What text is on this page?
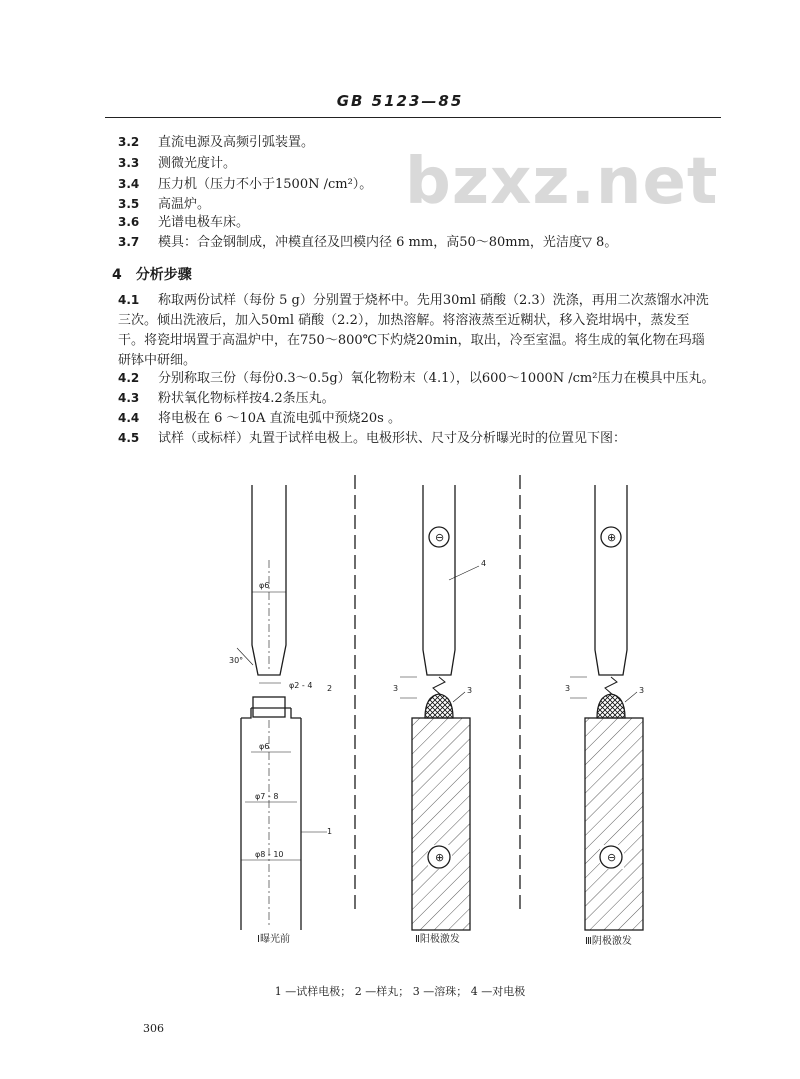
GB 5123—85
bzxz.net
3.2 直流电源及高频引弧装置。
3.3 测微光度计。
3.4 压力机（压力不小于1500N /cm²）。
3.5 高温炉。
3.6 光谱电极车床。
3.7 模具：合金钢制成，冲模直径及凹模内径 6 mm，高50～80mm，光洁度▽ 8。
4 分析步骤
4.1 称取两份试样（每份 5 g）分别置于烧杯中。先用30ml 硝酸（2.3）洗涤，再用二次蒸馏水冲洗三次。倾出洗液后，加入50ml 硝酸（2.2），加热溶解。将溶液蒸至近糊状，移入瓷坩埚中，蒸发至干。将瓷坩埚置于高温炉中，在750～800℃下灼烧20min，取出，冷至室温。将生成的氧化物在玛瑙研钵中研细。
4.2 分别称取三份（每份0.3～0.5g）氧化物粉末（4.1），以600～1000N /cm²压力在模具中压丸。
4.3 粉状氧化物标样按4.2条压丸。
4.4 将电极在 6 ～10A 直流电弧中预烧20s 。
4.5 试样（或标样）丸置于试样电极上。电极形状、尺寸及分析曝光时的位置见下图：
φ6
30°
φ2 - 4 2
φ6
φ7 - 8
φ8 - 10
1
⊖
4
3	3
⊕
⊕
3	3
⊖
Ⅰ曝光前	Ⅱ阳极激发	Ⅲ阴极激发
1 —试样电极； 2 —样丸； 3 —溶珠； 4 —对电极
306
